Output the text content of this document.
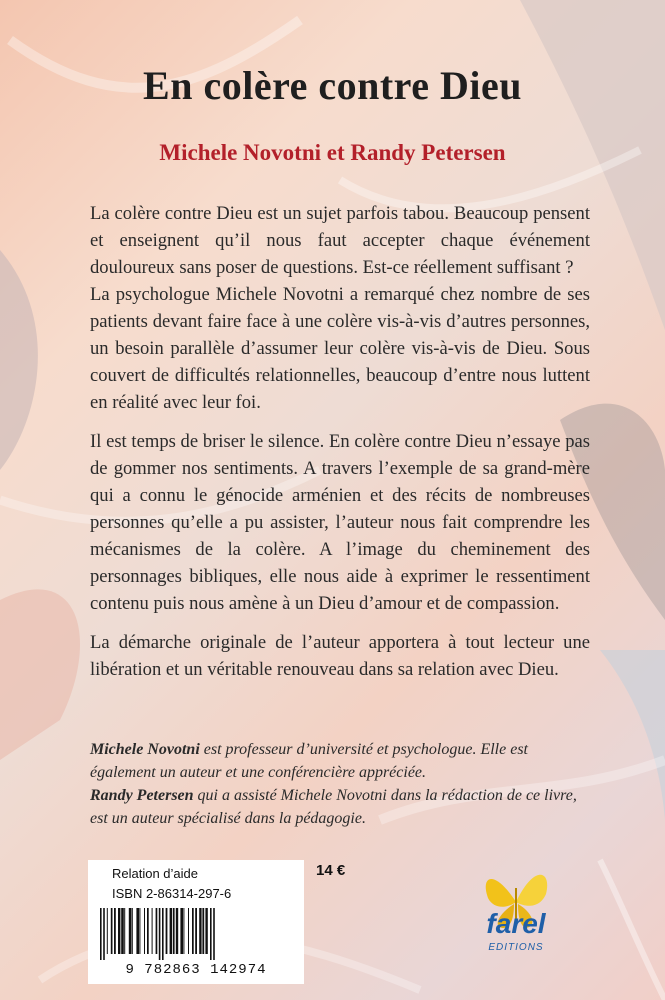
En colère contre Dieu
Michele Novotni et Randy Petersen

La colère contre Dieu est un sujet parfois tabou. Beaucoup pensent et enseignent qu’il nous faut accepter chaque événement douloureux sans poser de questions. Est-ce réellement suffisant ?

La psychologue Michele Novotni a remarqué chez nombre de ses patients devant faire face à une colère vis-à-vis d’autres personnes, un besoin parallèle d’assumer leur colère vis-à-vis de Dieu. Sous couvert de difficultés relationnelles, beaucoup d’entre nous luttent en réalité avec leur foi.

Il est temps de briser le silence. En colère contre Dieu n’essaye pas de gommer nos sentiments. A travers l’exemple de sa grand-mère qui a connu le génocide arménien et des récits de nombreuses personnes qu’elle a pu assister, l’auteur nous fait comprendre les mécanismes de la colère. A l’image du cheminement des personnages bibliques, elle nous aide à exprimer le ressentiment contenu puis nous amène à un Dieu d’amour et de compassion.

La démarche originale de l’auteur apportera à tout lecteur une libération et un véritable renouveau dans sa relation avec Dieu.

Michele Novotni est professeur d’université et psychologue. Elle est également un auteur et une conférencière appréciée.

Randy Petersen qui a assisté Michele Novotni dans la rédaction de ce livre, est un auteur spécialisé dans la pédagogie.

Relation d’aide
ISBN 2-86314-297-6
9 782863 142974
14 €
farel
EDITIONS
